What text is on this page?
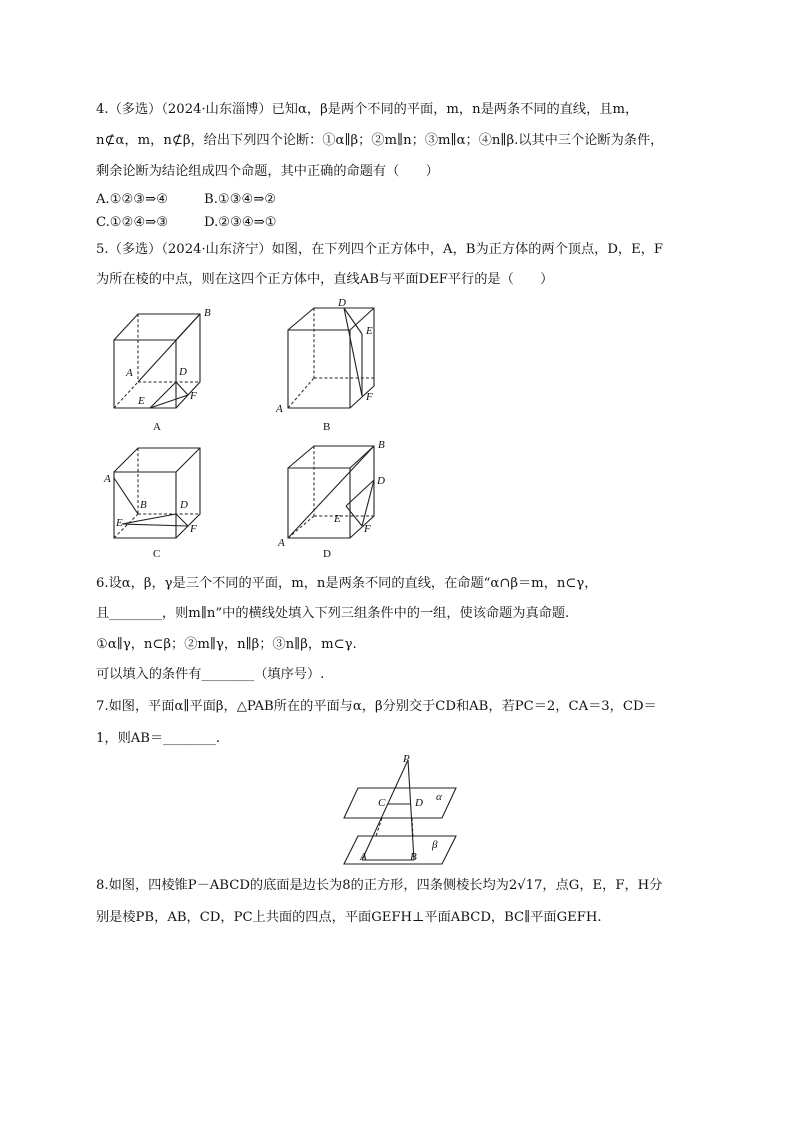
4.（多选）（2024·山东淄博）已知α，β是两个不同的平面，m，n是两条不同的直线，且m，
n⊄α，m，n⊄β，给出下列四个论断：①α∥β；②m∥n；③m∥α；④n∥β.以其中三个论断为条件，
剩余论断为结论组成四个命题，其中正确的命题有（　　）
A.①②③⇒④	B.①③④⇒②
C.①②④⇒③	D.②③④⇒①
5.（多选）（2024·山东济宁）如图，在下列四个正方体中，A，B为正方体的两个顶点，D，E，F
为所在棱的中点，则在这四个正方体中，直线AB与平面DEF平行的是（　　）
B
A	D
E	F
A
D
E
A
F
B
A
B	D
E	F
C
B
D
A
E
F
D
6.设α，β，γ是三个不同的平面，m，n是两条不同的直线，在命题“α∩β＝m，n⊂γ，
且________，则m∥n”中的横线处填入下列三组条件中的一组，使该命题为真命题.
①α∥γ，n⊂β；②m∥γ，n∥β；③n∥β，m⊂γ.
可以填入的条件有________（填序号）.
7.如图，平面α∥平面β，△PAB所在的平面与α，β分别交于CD和AB，若PC＝2，CA＝3，CD＝
1，则AB＝________.
P
C	D α
A	B
β
8.如图，四棱锥P－ABCD的底面是边长为8的正方形，四条侧棱长均为2√17，点G，E，F，H分
别是棱PB，AB，CD，PC上共面的四点，平面GEFH⊥平面ABCD，BC∥平面GEFH.
